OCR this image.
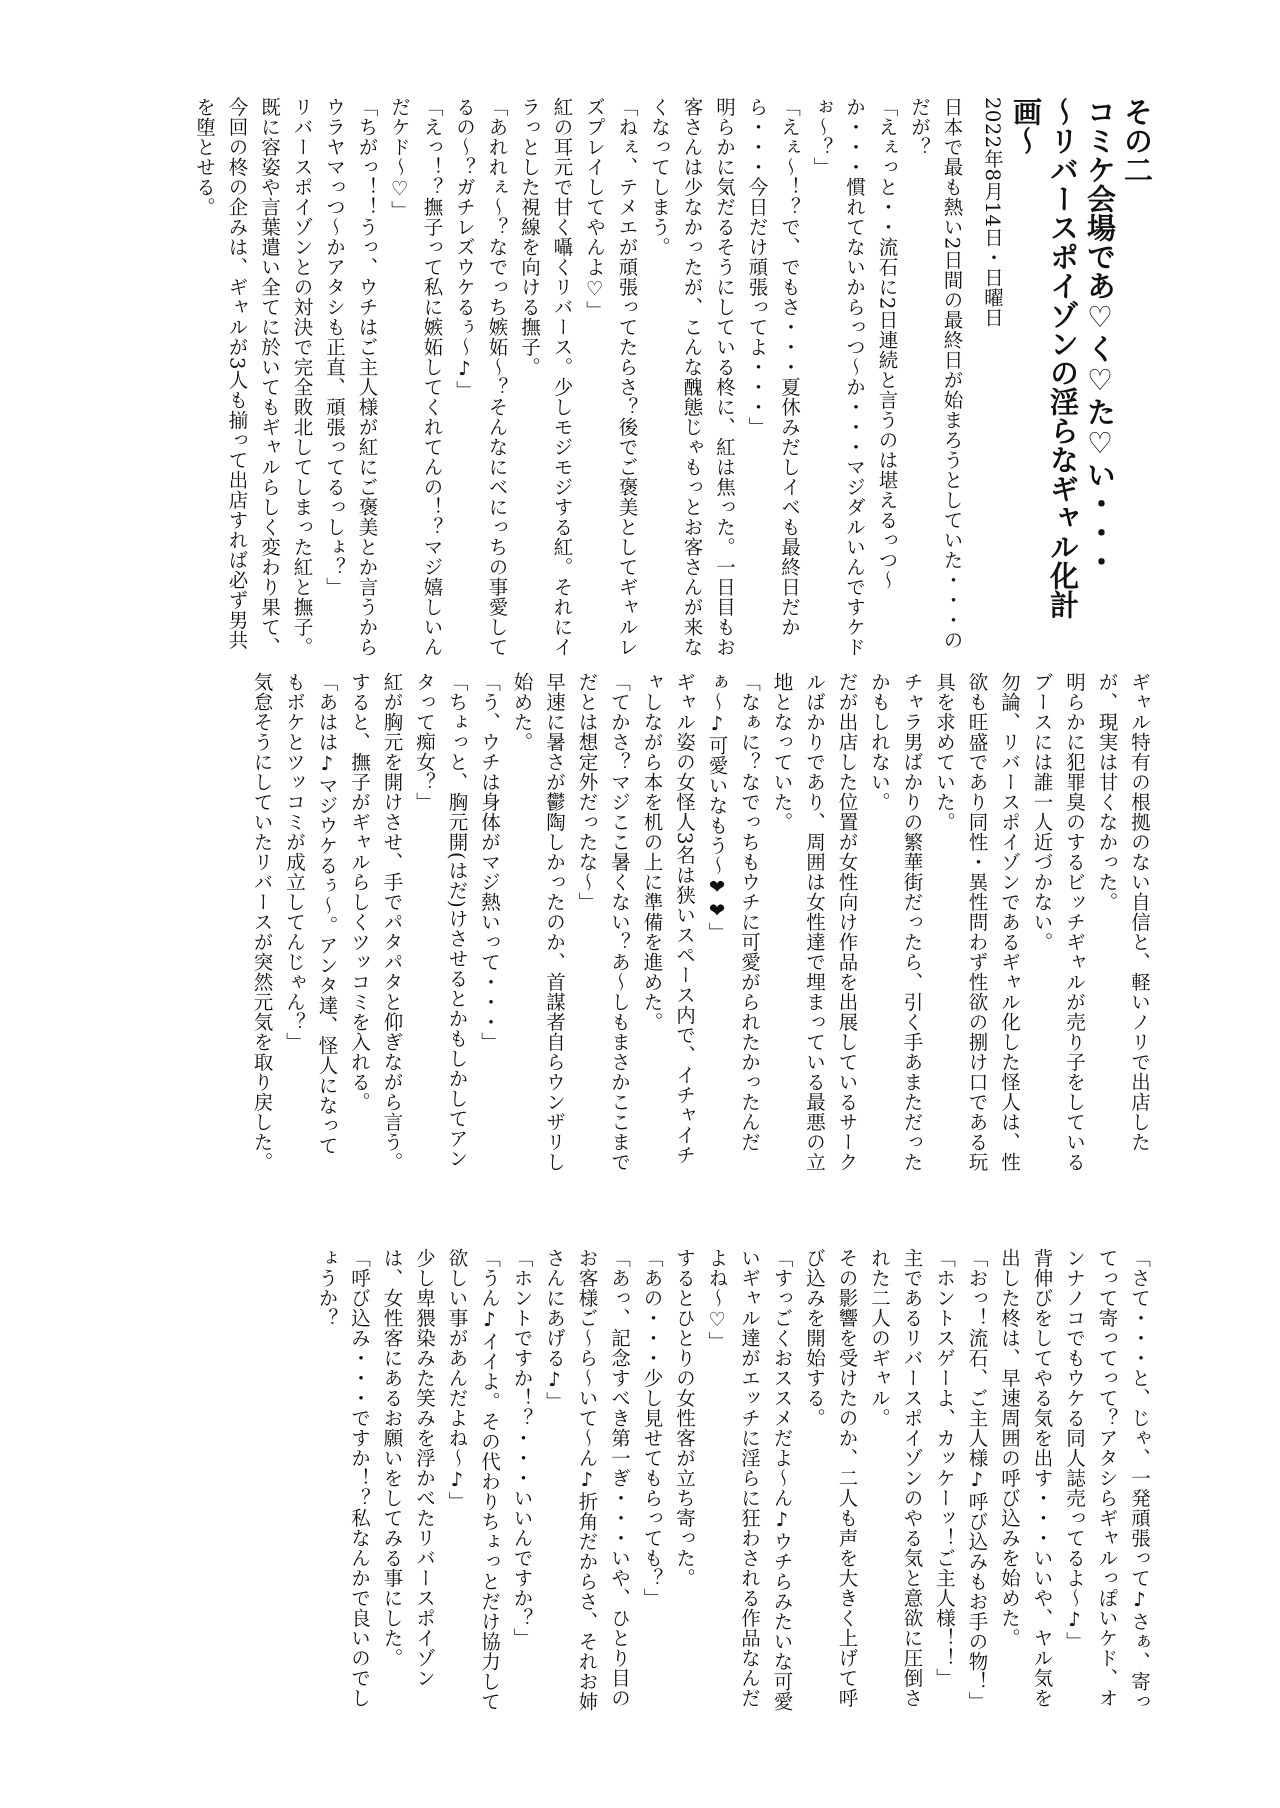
その二
コミケ会場であ♡く♡た♡い・・・
〜リバースポイゾンの淫らなギャル化計画〜

2022年8月14日・日曜日

日本で最も熱い2日間の最終日が始まろうとしていた・・・のだが？

「えぇっと・・流石に2日連続と言うのは堪えるっつ〜か・・・慣れてないからっつ〜か・・・マジダルいんですケドぉ〜？」

「えぇ〜！？で、でもさ・・・夏休みだしイベも最終日だから・・・今日だけ頑張ってよ・・・」

明らかに気だるそうにしている柊に、紅は焦った。一日目もお客さんは少なかったが、こんな醜態じゃもっとお客さんが来なくなってしまう。

「ねぇ、テメエが頑張ってたらさ？後でご褒美としてギャルレズプレイしてやんよ♡」

紅の耳元で甘く囁くリバース。少しモジモジする紅。それにイラっとした視線を向ける撫子。

「あれれぇ〜？なでっち嫉妬〜？そんなにベにっちの事愛してるの〜？ガチレズウケるぅ〜♪」

「えっ！？撫子って私に嫉妬してくれてんの！？マジ嬉しいんだケド〜♡」

「ちがっ！！うっ、ウチはご主人様が紅にご褒美とか言うからウラヤマっつ〜かアタシも正直、頑張ってるっしょ？」

リバースポイゾンとの対決で完全敗北してしまった紅と撫子。既に容姿や言葉遣い全てに於いてもギャルらしく変わり果て、今回の柊の企みは、ギャルが3人も揃って出店すれば必ず男共を堕とせる。

ギャル特有の根拠のない自信と、軽いノリで出店したが、現実は甘くなかった。

明らかに犯罪臭のするビッチギャルが売り子をしているブースには誰一人近づかない。

勿論、リバースポイゾンであるギャル化した怪人は、性欲も旺盛であり同性・異性問わず性欲の捌け口である玩具を求めていた。

チャラ男ばかりの繁華街だったら、引く手あまただったかもしれない。

だが出店した位置が女性向け作品を出展しているサークルばかりであり、周囲は女性達で埋まっている最悪の立地となっていた。

「なぁに？なでっちもウチに可愛がられたかったんだぁ〜♪可愛いなもう〜❤❤」

ギャル姿の女怪人3名は狭いスペース内で、イチャイチャしながら本を机の上に準備を進めた。

「てかさ？マジここ暑くない？あ〜しもまさかここまでだとは想定外だったな〜」

早速に暑さが鬱陶しかったのか、首謀者自らウンザリし始めた。

「う、ウチは身体がマジ熱いって・・・」

「ちょっと、胸元開(はだ)けさせるとかもしかしてアンタって痴女？」

紅が胸元を開けさせ、手でパタパタと仰ぎながら言う。すると、撫子がギャルらしくツッコミを入れる。

「あはは♪マジウケるぅ〜。アンタ達、怪人になってもボケとツッコミが成立してんじゃん？」

気怠そうにしていたリバースが突然元気を取り戻した。

「さて・・・と、じゃ、一発頑張って♪さぁ、寄ってって寄ってって？アタシらギャルっぽいケド、オンナノコでもウケる同人誌売ってるよ〜♪」

背伸びをしてやる気を出す・・・いいや、ヤル気を出した柊は、早速周囲の呼び込みを始めた。

「おっ！流石、ご主人様♪呼び込みもお手の物！」

「ホントスゲーよ、カッケーッ！ご主人様！！」

主であるリバースポイゾンのやる気と意欲に圧倒された二人のギャル。

その影響を受けたのか、二人も声を大きく上げて呼び込みを開始する。

「すっごくおススメだよ〜ん♪ウチらみたいな可愛いギャル達がエッチに淫らに狂わされる作品なんだよね〜♡」

するとひとりの女性客が立ち寄った。

「あの・・・少し見せてもらっても？」

「あっ、記念すべき第一ぎ・・・いや、ひとり目のお客様ご〜ら〜いて〜ん♪折角だからさ、それお姉さんにあげる♪」

「ホントですか！？・・・いいんですか？」

「うん♪イイよ。その代わりちょっとだけ協力して欲しい事があんだよね〜♪」

少し卑猥染みた笑みを浮かべたリバースポイゾンは、女性客にあるお願いをしてみる事にした。

「呼び込み・・・ですか！？私なんかで良いのでしょうか？
